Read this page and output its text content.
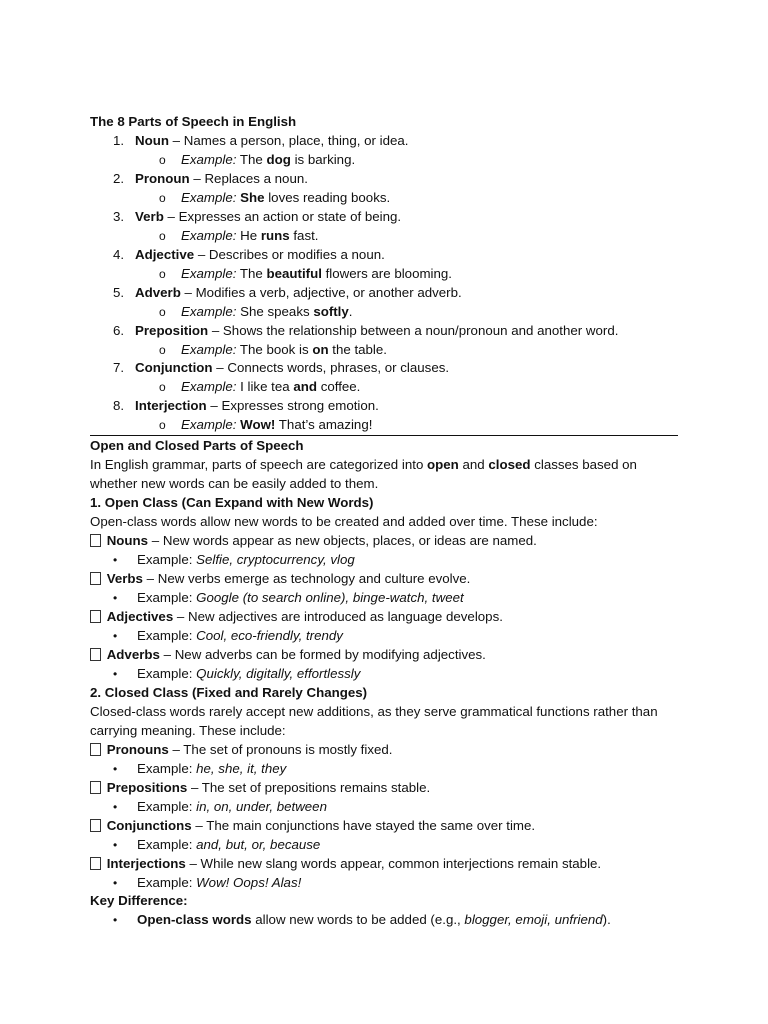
The 8 Parts of Speech in English
1. Noun – Names a person, place, thing, or idea.
o Example: The dog is barking.
2. Pronoun – Replaces a noun.
o Example: She loves reading books.
3. Verb – Expresses an action or state of being.
o Example: He runs fast.
4. Adjective – Describes or modifies a noun.
o Example: The beautiful flowers are blooming.
5. Adverb – Modifies a verb, adjective, or another adverb.
o Example: She speaks softly.
6. Preposition – Shows the relationship between a noun/pronoun and another word.
o Example: The book is on the table.
7. Conjunction – Connects words, phrases, or clauses.
o Example: I like tea and coffee.
8. Interjection – Expresses strong emotion.
o Example: Wow! That’s amazing!
Open and Closed Parts of Speech
In English grammar, parts of speech are categorized into open and closed classes based on
whether new words can be easily added to them.
1. Open Class (Can Expand with New Words)
Open-class words allow new words to be created and added over time. These include:
Nouns – New words appear as new objects, places, or ideas are named.
• Example: Selfie, cryptocurrency, vlog
Verbs – New verbs emerge as technology and culture evolve.
• Example: Google (to search online), binge-watch, tweet
Adjectives – New adjectives are introduced as language develops.
• Example: Cool, eco-friendly, trendy
Adverbs – New adverbs can be formed by modifying adjectives.
• Example: Quickly, digitally, effortlessly
2. Closed Class (Fixed and Rarely Changes)
Closed-class words rarely accept new additions, as they serve grammatical functions rather than
carrying meaning. These include:
Pronouns – The set of pronouns is mostly fixed.
• Example: he, she, it, they
Prepositions – The set of prepositions remains stable.
• Example: in, on, under, between
Conjunctions – The main conjunctions have stayed the same over time.
• Example: and, but, or, because
Interjections – While new slang words appear, common interjections remain stable.
• Example: Wow! Oops! Alas!
Key Difference:
• Open-class words allow new words to be added (e.g., blogger, emoji, unfriend).
